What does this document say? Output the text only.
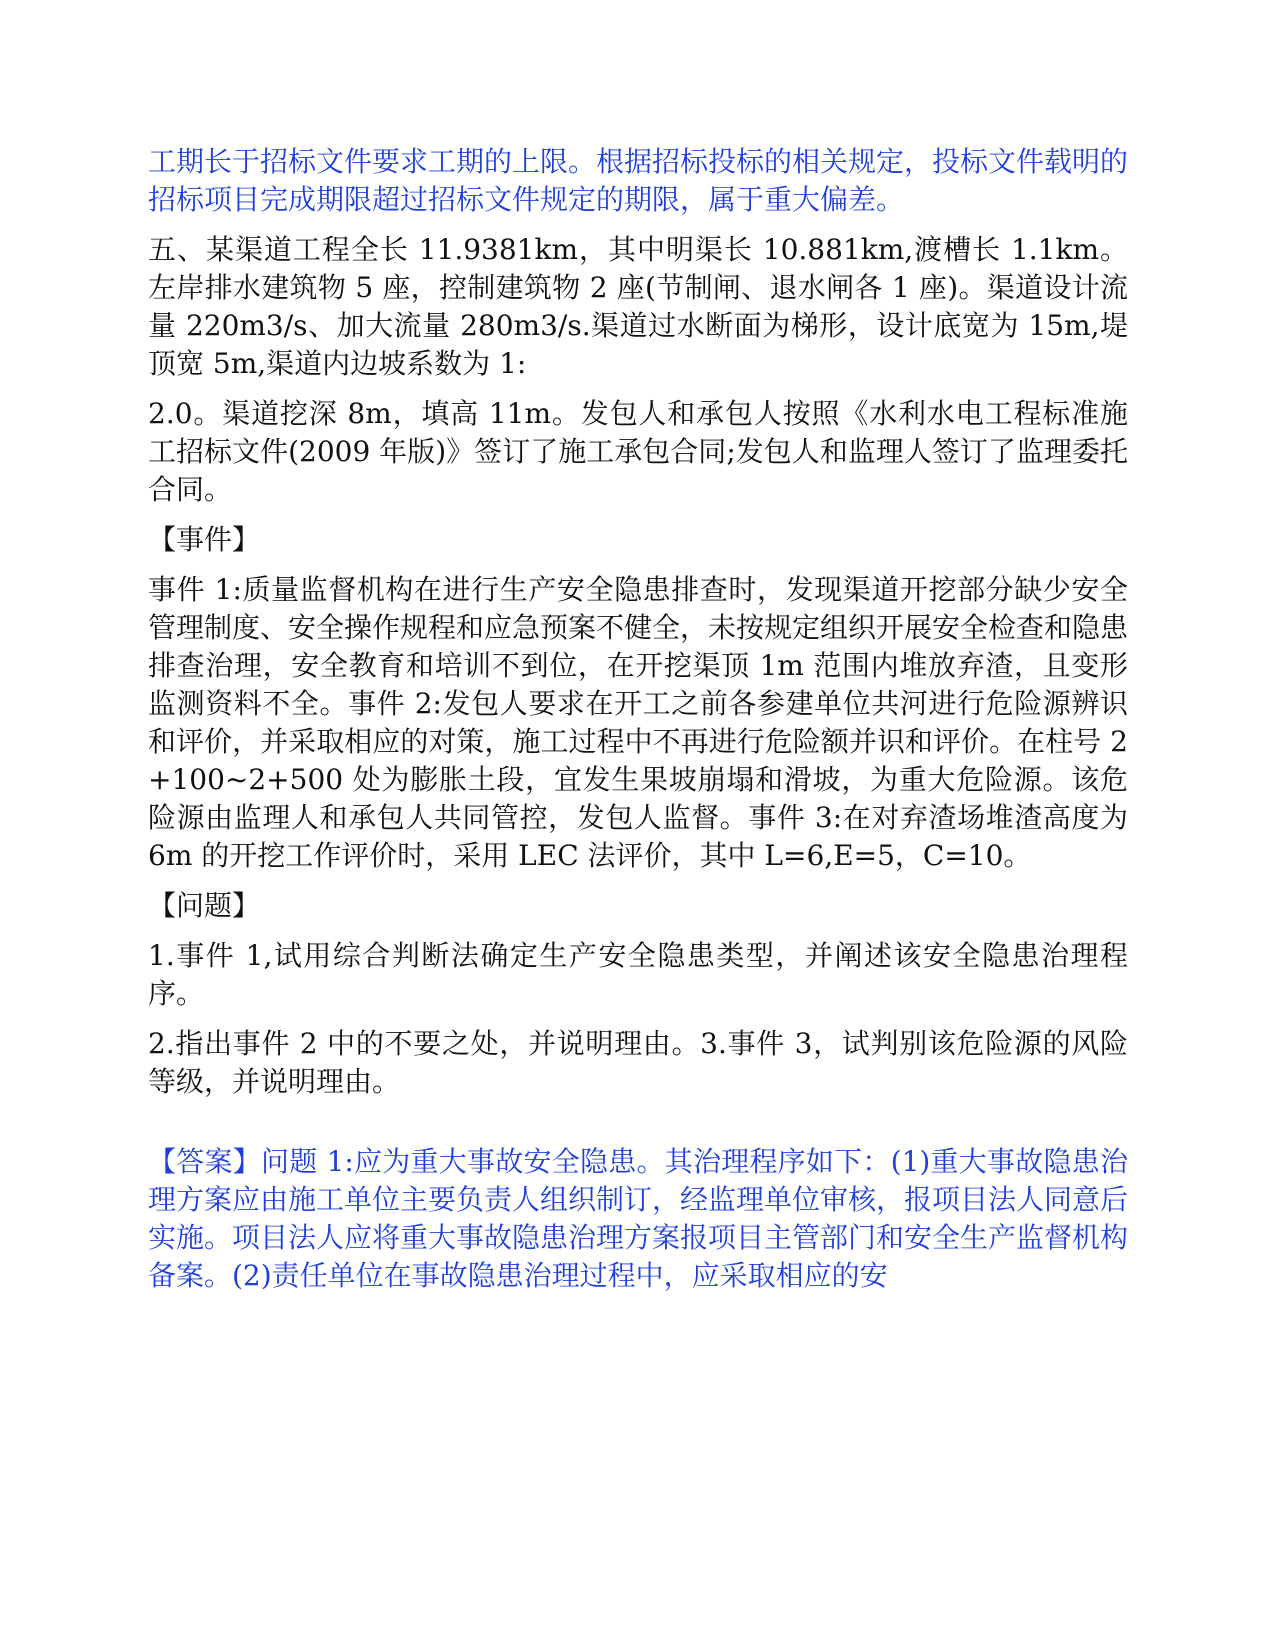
工期长于招标文件要求工期的上限。根据招标投标的相关规定，投标文件载明的招标项目完成期限超过招标文件规定的期限，属于重大偏差。

五、某渠道工程全长 11.9381km，其中明渠长 10.881km,渡槽长 1.1km。左岸排水建筑物 5 座，控制建筑物 2 座(节制闸、退水闸各 1 座)。渠道设计流量 220m3/s、加大流量 280m3/s.渠道过水断面为梯形，设计底宽为 15m,堤顶宽 5m,渠道内边坡系数为 1:

2.0。渠道挖深 8m，填高 11m。发包人和承包人按照《水利水电工程标准施工招标文件(2009 年版)》签订了施工承包合同;发包人和监理人签订了监理委托合同。

【事件】

事件 1:质量监督机构在进行生产安全隐患排查时，发现渠道开挖部分缺少安全管理制度、安全操作规程和应急预案不健全，未按规定组织开展安全检查和隐患排查治理，安全教育和培训不到位，在开挖渠顶 1m 范围内堆放弃渣，且变形监测资料不全。事件 2:发包人要求在开工之前各参建单位共河进行危险源辨识和评价，并采取相应的对策，施工过程中不再进行危险额并识和评价。在柱号 2+100~2+500 处为膨胀土段，宜发生果坡崩塌和滑坡，为重大危险源。该危险源由监理人和承包人共同管控，发包人监督。事件 3:在对弃渣场堆渣高度为 6m 的开挖工作评价时，采用 LEC 法评价，其中 L=6,E=5，C=10。

【问题】

1.事件 1,试用综合判断法确定生产安全隐患类型，并阐述该安全隐患治理程序。

2.指出事件 2 中的不要之处，并说明理由。3.事件 3，试判别该危险源的风险等级，并说明理由。

【答案】问题 1:应为重大事故安全隐患。其治理程序如下：(1)重大事故隐患治理方案应由施工单位主要负责人组织制订，经监理单位审核，报项目法人同意后实施。项目法人应将重大事故隐患治理方案报项目主管部门和安全生产监督机构备案。(2)责任单位在事故隐患治理过程中，应采取相应的安
